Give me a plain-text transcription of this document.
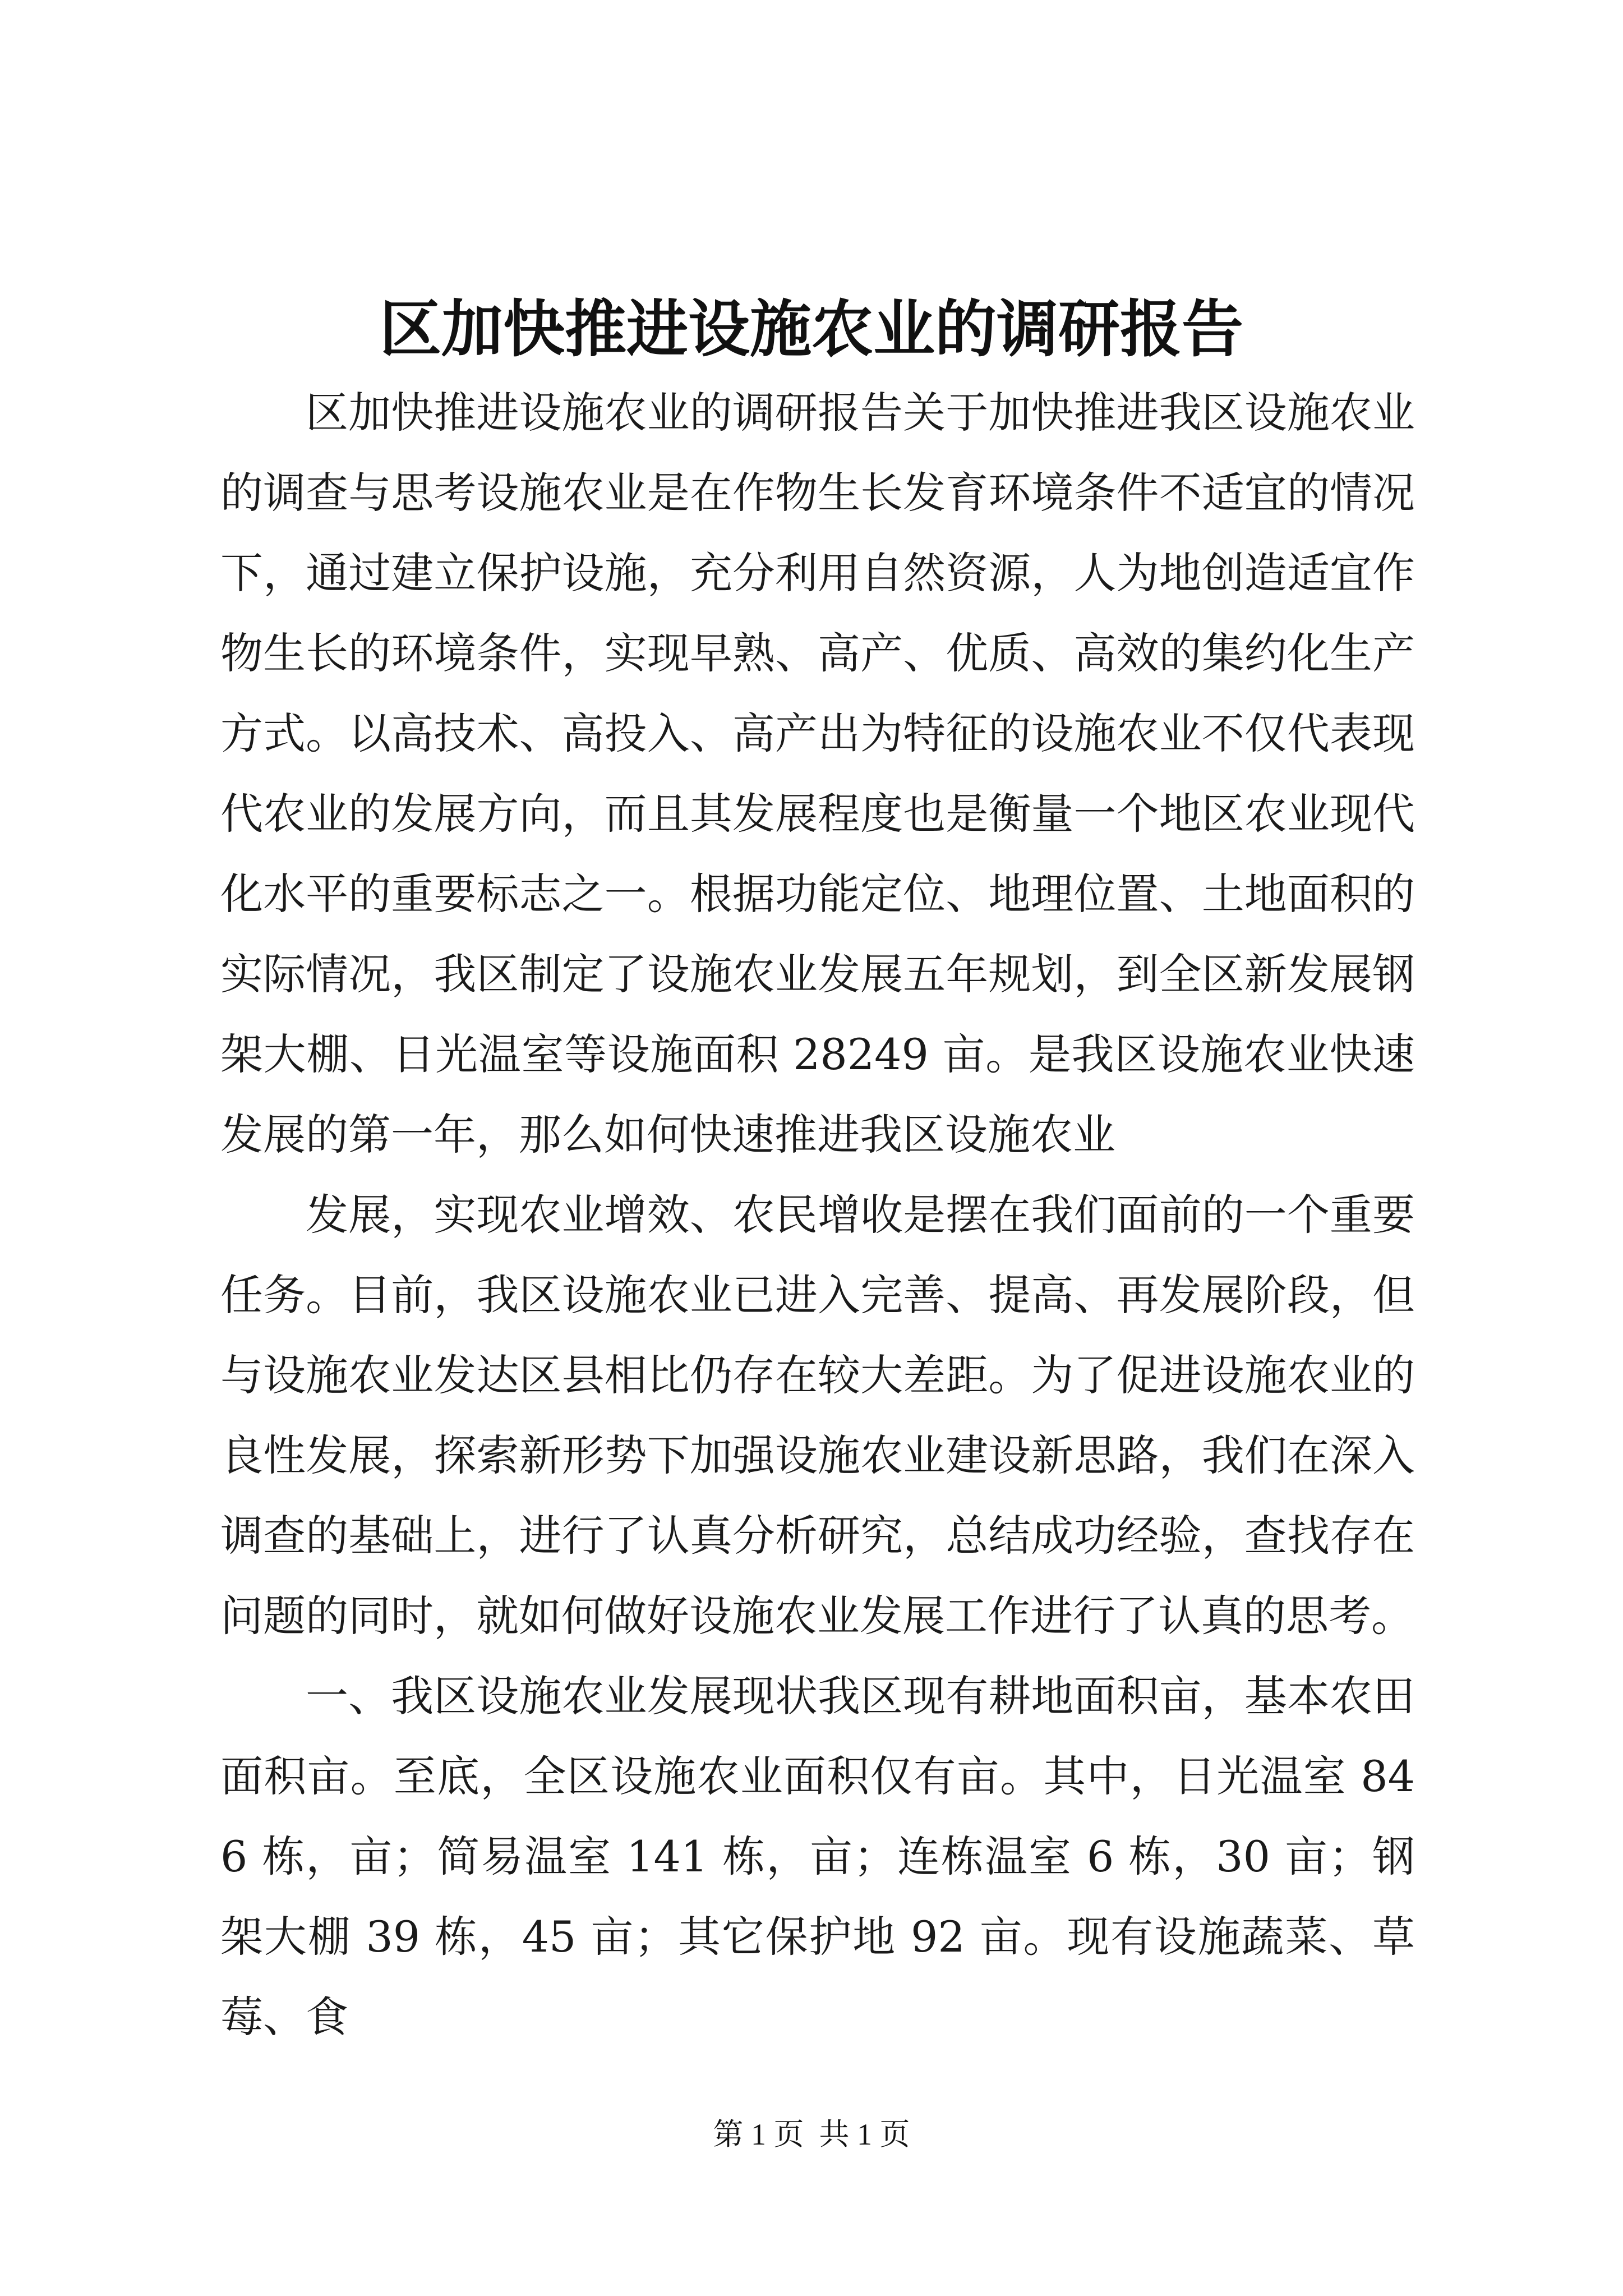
区加快推进设施农业的调研报告

区加快推进设施农业的调研报告关于加快推进我区设施农业的调查与思考设施农业是在作物生长发育环境条件不适宜的情况下，通过建立保护设施，充分利用自然资源，人为地创造适宜作物生长的环境条件，实现早熟、高产、优质、高效的集约化生产方式。以高技术、高投入、高产出为特征的设施农业不仅代表现代农业的发展方向，而且其发展程度也是衡量一个地区农业现代化水平的重要标志之一。根据功能定位、地理位置、土地面积的实际情况，我区制定了设施农业发展五年规划，到全区新发展钢架大棚、日光温室等设施面积 28249 亩。是我区设施农业快速发展的第一年，那么如何快速推进我区设施农业

发展，实现农业增效、农民增收是摆在我们面前的一个重要任务。目前，我区设施农业已进入完善、提高、再发展阶段，但与设施农业发达区县相比仍存在较大差距。为了促进设施农业的良性发展，探索新形势下加强设施农业建设新思路，我们在深入调查的基础上，进行了认真分析研究，总结成功经验，查找存在问题的同时，就如何做好设施农业发展工作进行了认真的思考。

一、我区设施农业发展现状我区现有耕地面积亩，基本农田面积亩。至底，全区设施农业面积仅有亩。其中，日光温室 846 栋，亩；简易温室 141 栋，亩；连栋温室 6 栋，30 亩；钢架大棚 39 栋，45 亩；其它保护地 92 亩。现有设施蔬菜、草莓、食

第 1 页  共 1 页
